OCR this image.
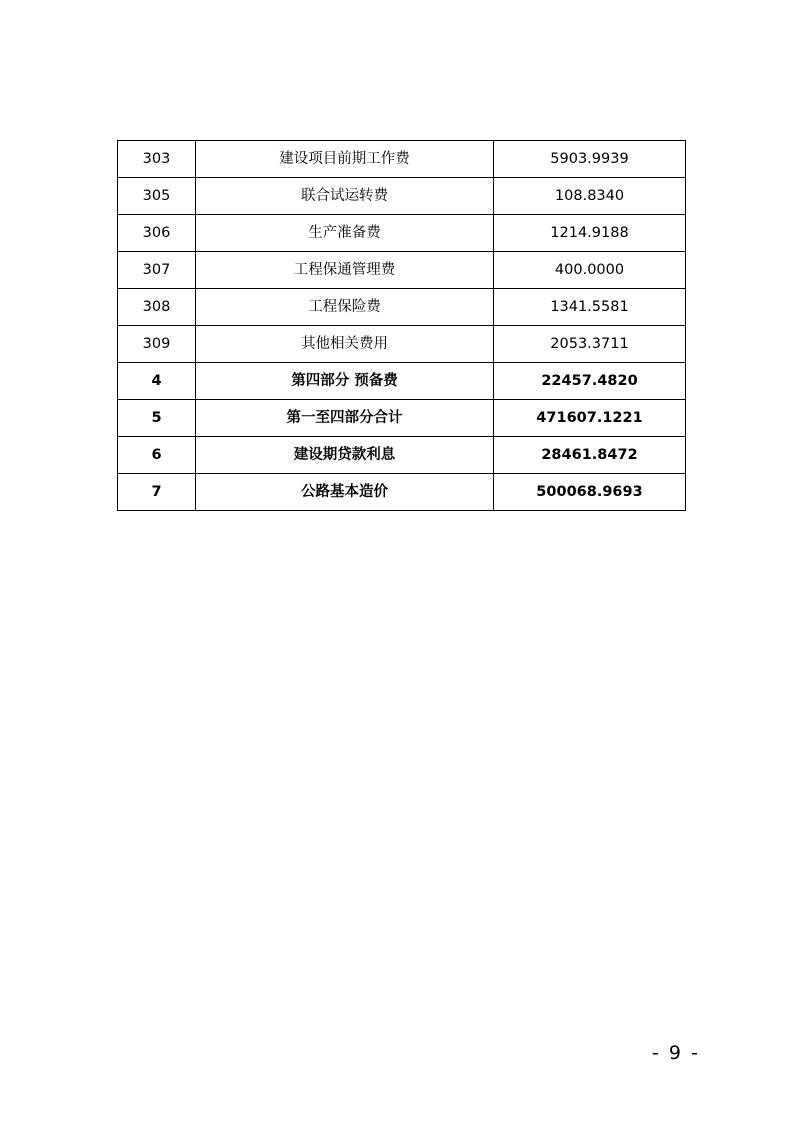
303	建设项目前期工作费	5903.9939
305	联合试运转费	108.8340
306	生产准备费	1214.9188
307	工程保通管理费	400.0000
308	工程保险费	1341.5581
309	其他相关费用	2053.3711
4	第四部分 预备费	22457.4820
5	第一至四部分合计	471607.1221
6	建设期贷款利息	28461.8472
7	公路基本造价	500068.9693
- 9 -
